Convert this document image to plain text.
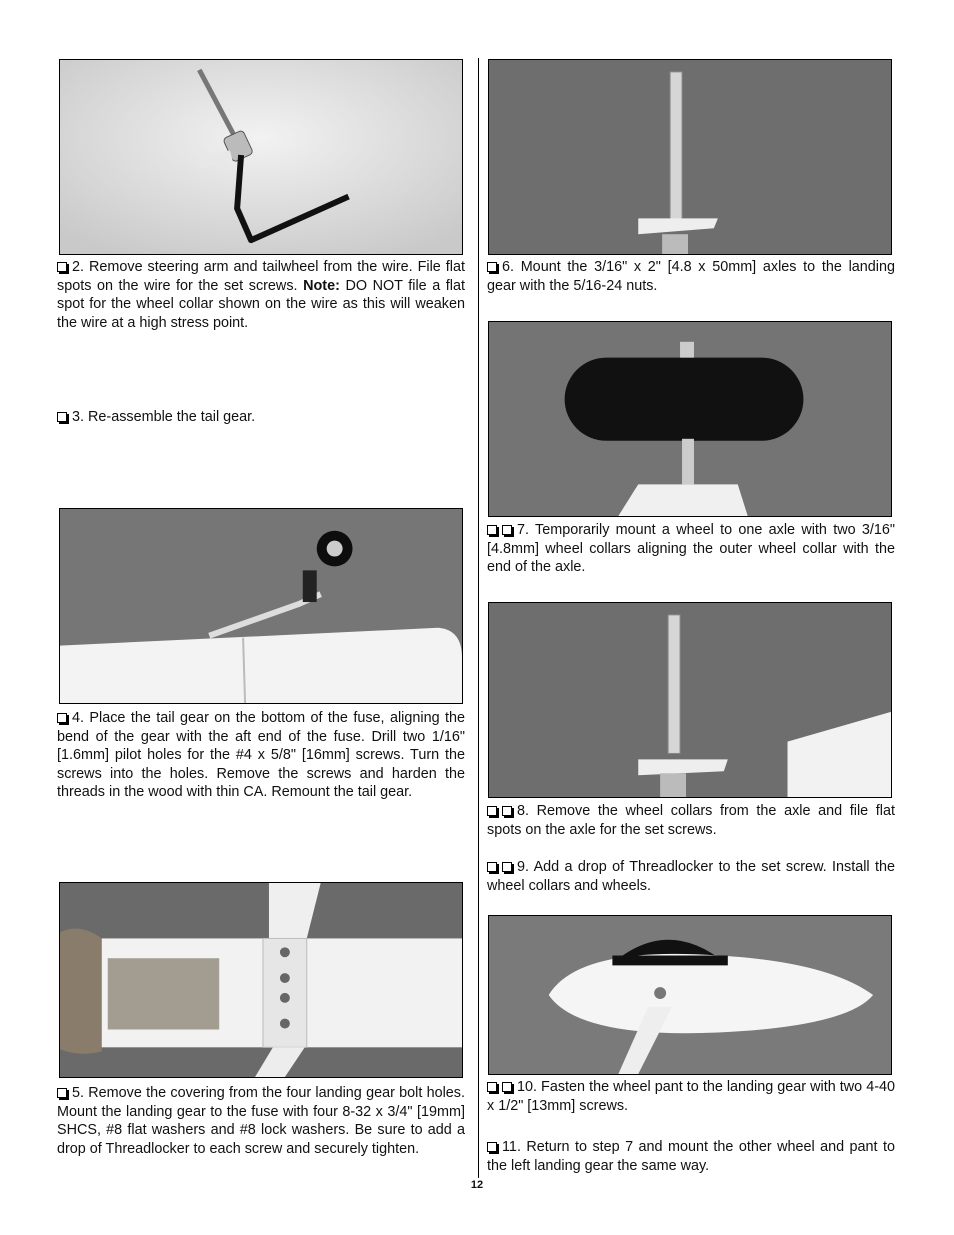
2. Remove steering arm and tailwheel from the wire. File flat spots on the wire for the set screws. Note: DO NOT file a flat spot for the wheel collar shown on the wire as this will weaken the wire at a high stress point.

3. Re-assemble the tail gear.

4. Place the tail gear on the bottom of the fuse, aligning the bend of the gear with the aft end of the fuse. Drill two 1/16" [1.6mm] pilot holes for the #4 x 5/8" [16mm] screws. Turn the screws into the holes. Remove the screws and harden the threads in the wood with thin CA. Remount the tail gear.

5. Remove the covering from the four landing gear bolt holes. Mount the landing gear to the fuse with four 8-32 x 3/4" [19mm] SHCS, #8 flat washers and #8 lock washers. Be sure to add a drop of Threadlocker to each screw and securely tighten.

6. Mount the 3/16" x 2" [4.8 x 50mm] axles to the landing gear with the 5/16-24 nuts.

7. Temporarily mount a wheel to one axle with two 3/16" [4.8mm] wheel collars aligning the outer wheel collar with the end of the axle.

8. Remove the wheel collars from the axle and file flat spots on the axle for the set screws.

9. Add a drop of Threadlocker to the set screw. Install the wheel collars and wheels.

10. Fasten the wheel pant to the landing gear with two 4-40 x 1/2" [13mm] screws.

11. Return to step 7 and mount the other wheel and pant to the left landing gear the same way.

12
